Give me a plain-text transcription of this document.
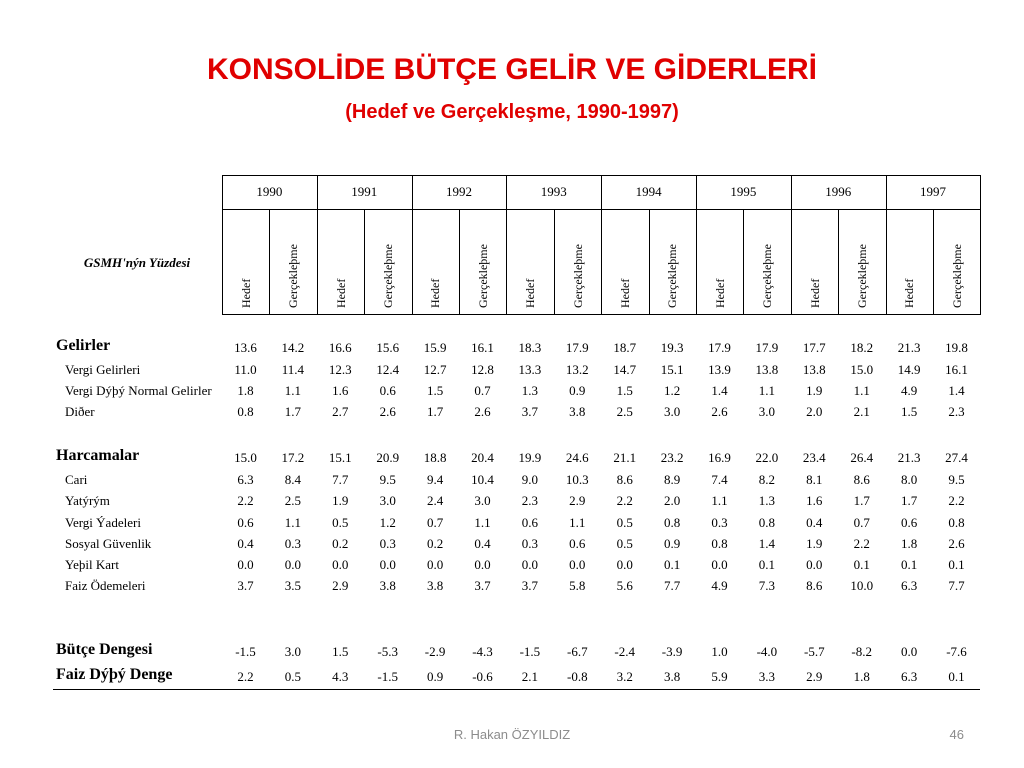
KONSOLİDE BÜTÇE GELİR VE GİDERLERİ
(Hedef ve Gerçekleşme, 1990-1997)
GSMH'nýn Yüzdesi
1990
Hedef	Gerçekleþme
1991
Hedef	Gerçekleþme
1992
Hedef	Gerçekleþme
1993
Hedef	Gerçekleþme
1994
Hedef	Gerçekleþme
1995
Hedef	Gerçekleþme
1996
Hedef	Gerçekleþme
1997
Hedef	Gerçekleþme
Gelirler	13.6	14.2	16.6	15.6	15.9	16.1	18.3	17.9	18.7	19.3	17.9	17.9	17.7	18.2	21.3	19.8
Vergi Gelirleri	11.0	11.4	12.3	12.4	12.7	12.8	13.3	13.2	14.7	15.1	13.9	13.8	13.8	15.0	14.9	16.1
Vergi Dýþý Normal Gelirler	1.8	1.1	1.6	0.6	1.5	0.7	1.3	0.9	1.5	1.2	1.4	1.1	1.9	1.1	4.9	1.4
Diðer	0.8	1.7	2.7	2.6	1.7	2.6	3.7	3.8	2.5	3.0	2.6	3.0	2.0	2.1	1.5	2.3
Harcamalar	15.0	17.2	15.1	20.9	18.8	20.4	19.9	24.6	21.1	23.2	16.9	22.0	23.4	26.4	21.3	27.4
Cari	6.3	8.4	7.7	9.5	9.4	10.4	9.0	10.3	8.6	8.9	7.4	8.2	8.1	8.6	8.0	9.5
Yatýrým	2.2	2.5	1.9	3.0	2.4	3.0	2.3	2.9	2.2	2.0	1.1	1.3	1.6	1.7	1.7	2.2
Vergi Ýadeleri	0.6	1.1	0.5	1.2	0.7	1.1	0.6	1.1	0.5	0.8	0.3	0.8	0.4	0.7	0.6	0.8
Sosyal Güvenlik	0.4	0.3	0.2	0.3	0.2	0.4	0.3	0.6	0.5	0.9	0.8	1.4	1.9	2.2	1.8	2.6
Yeþil Kart	0.0	0.0	0.0	0.0	0.0	0.0	0.0	0.0	0.0	0.1	0.0	0.1	0.0	0.1	0.1	0.1
Faiz Ödemeleri	3.7	3.5	2.9	3.8	3.8	3.7	3.7	5.8	5.6	7.7	4.9	7.3	8.6	10.0	6.3	7.7
Bütçe Dengesi	-1.5	3.0	1.5	-5.3	-2.9	-4.3	-1.5	-6.7	-2.4	-3.9	1.0	-4.0	-5.7	-8.2	0.0	-7.6
Faiz Dýþý Denge	2.2	0.5	4.3	-1.5	0.9	-0.6	2.1	-0.8	3.2	3.8	5.9	3.3	2.9	1.8	6.3	0.1
R. Hakan ÖZYILDIZ	46
